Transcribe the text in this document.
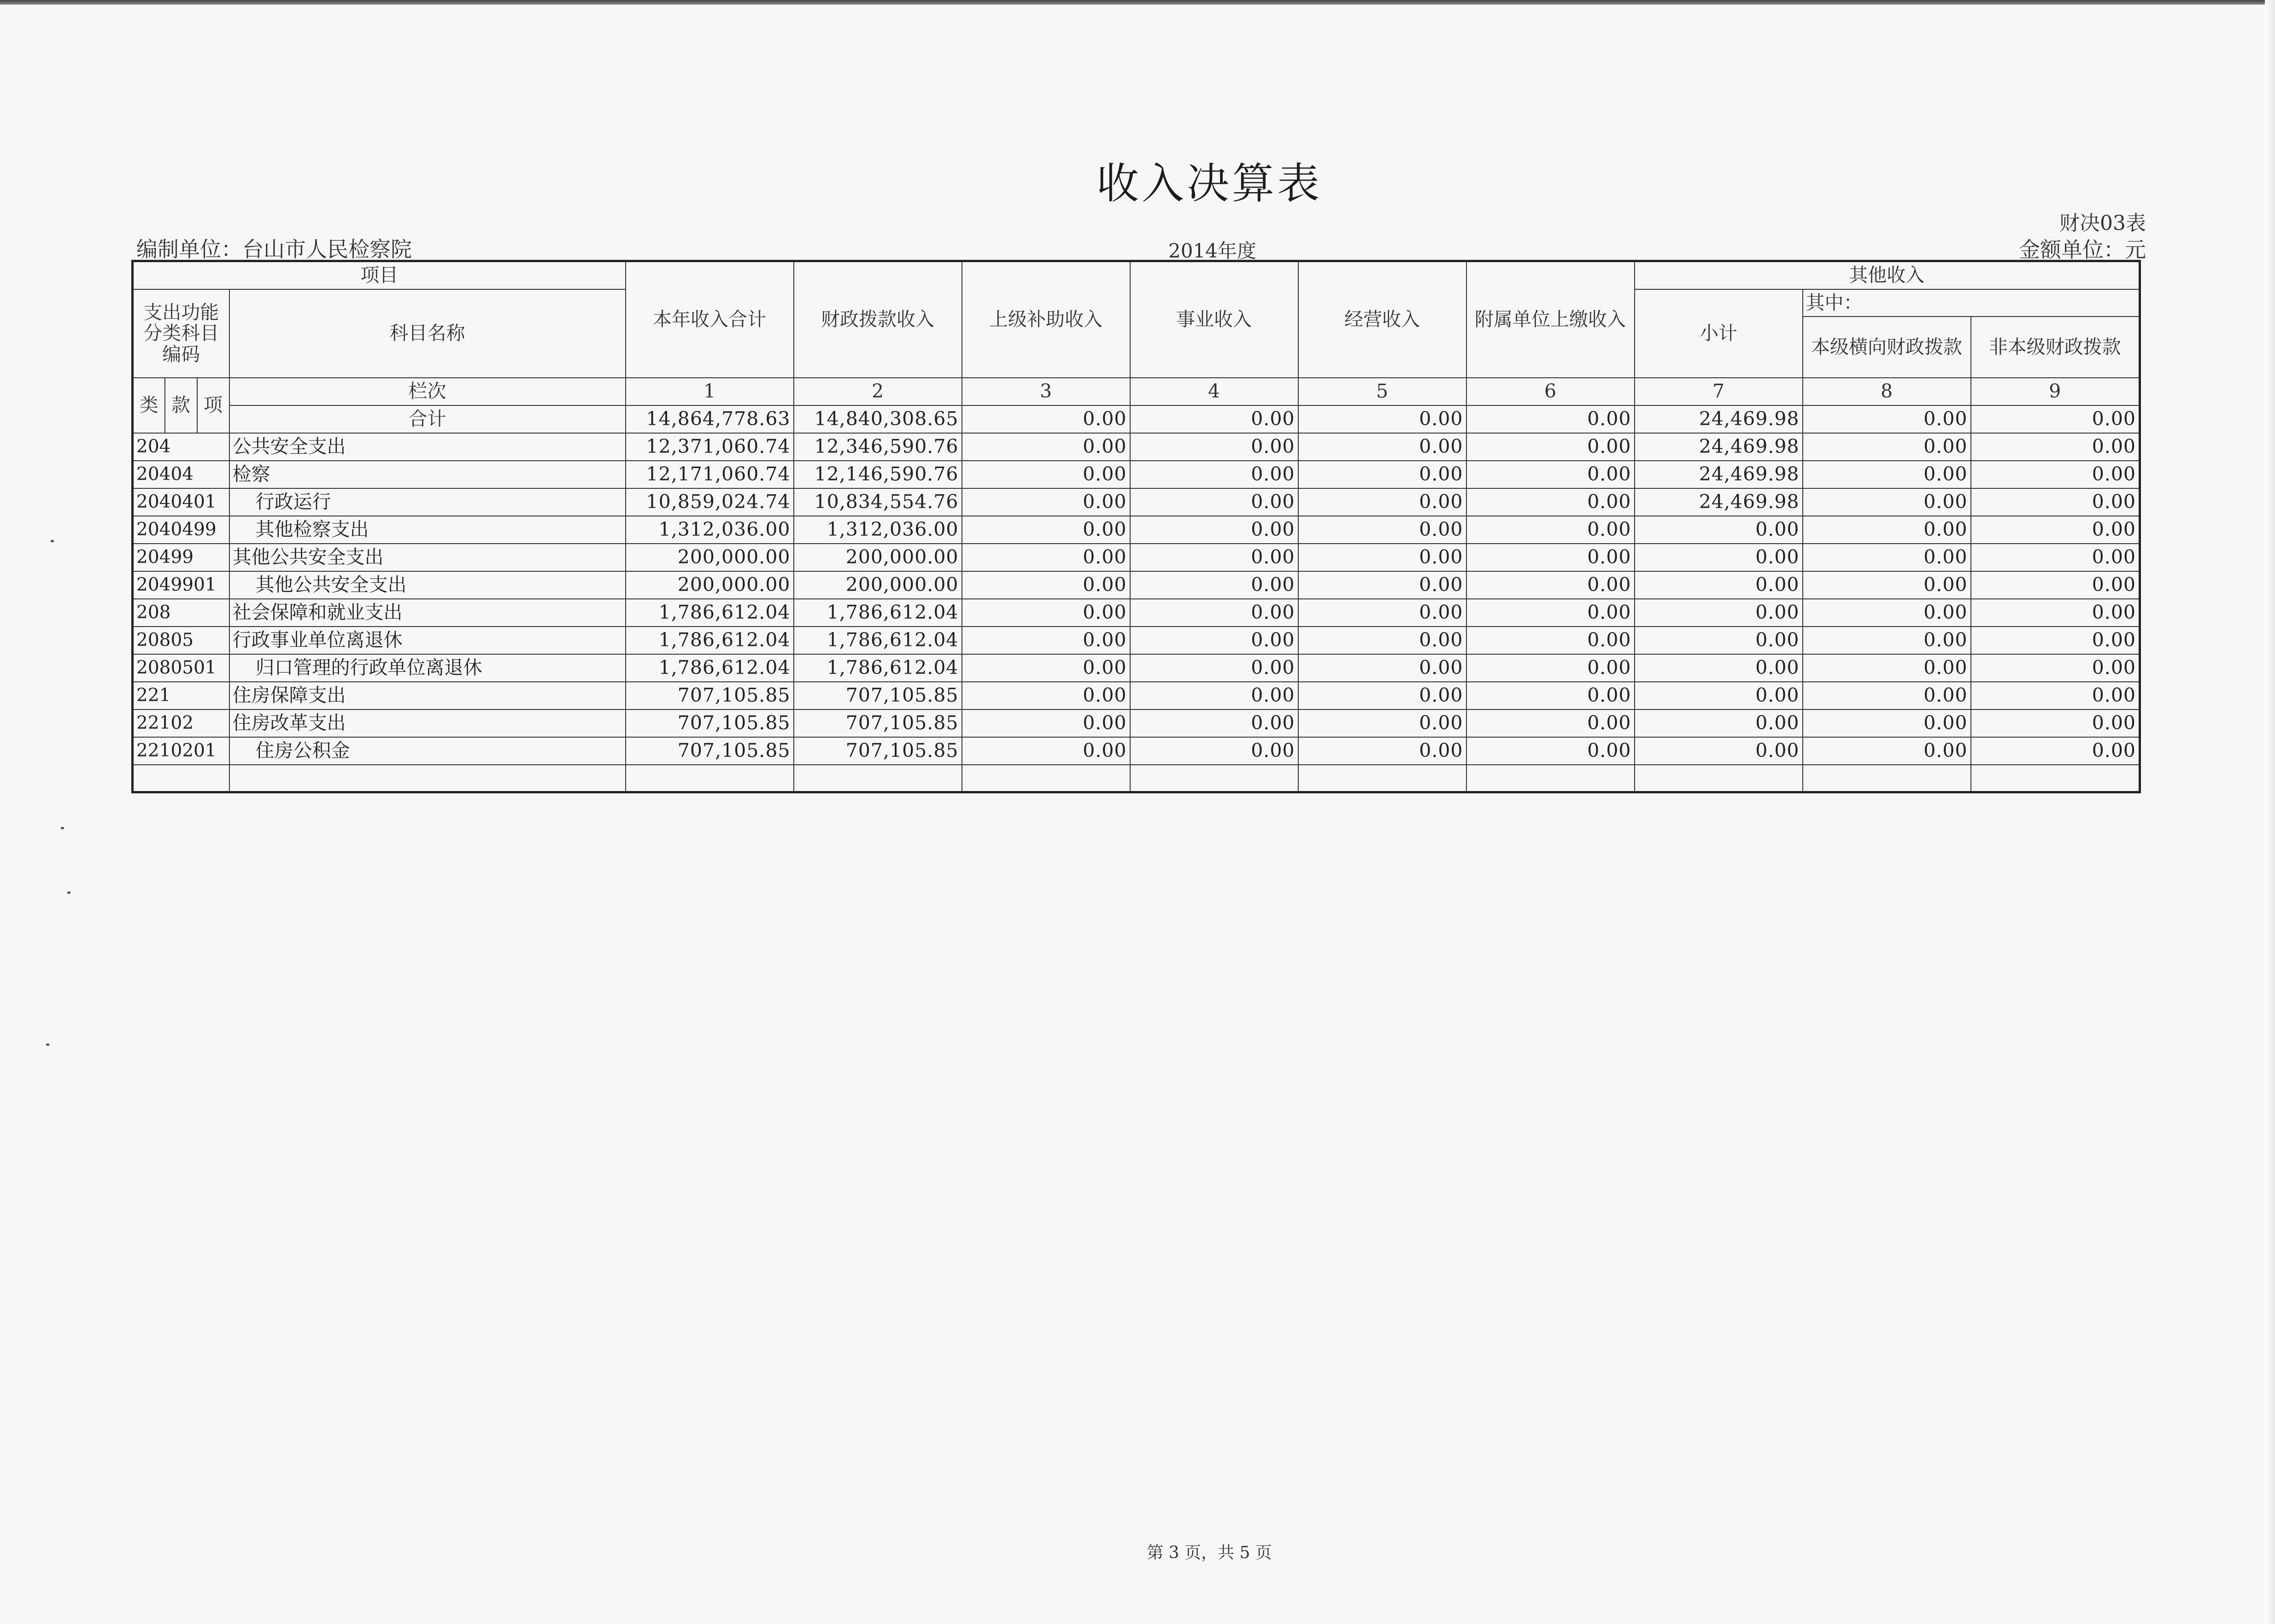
收入决算表
财决03表
编制单位：台山市人民检察院	2014年度	金额单位：元
项目				本年收入合计	财政拨款收入	上级补助收入	事业收入	经营收入	附属单位上缴收入	其他收入		
支出功能分类科目编码			科目名称							小计	其中：	
											本级横向财政拨款	非本级财政拨款
类	款	项	栏次	1	2	3	4	5	6	7	8	9
			合计	14,864,778.63	14,840,308.65	0.00	0.00	0.00	0.00	24,469.98	0.00	0.00
204			公共安全支出	12,371,060.74	12,346,590.76	0.00	0.00	0.00	0.00	24,469.98	0.00	0.00
20404			检察	12,171,060.74	12,146,590.76	0.00	0.00	0.00	0.00	24,469.98	0.00	0.00
2040401			行政运行	10,859,024.74	10,834,554.76	0.00	0.00	0.00	0.00	24,469.98	0.00	0.00
2040499			其他检察支出	1,312,036.00	1,312,036.00	0.00	0.00	0.00	0.00	0.00	0.00	0.00
20499			其他公共安全支出	200,000.00	200,000.00	0.00	0.00	0.00	0.00	0.00	0.00	0.00
2049901			其他公共安全支出	200,000.00	200,000.00	0.00	0.00	0.00	0.00	0.00	0.00	0.00
208			社会保障和就业支出	1,786,612.04	1,786,612.04	0.00	0.00	0.00	0.00	0.00	0.00	0.00
20805			行政事业单位离退休	1,786,612.04	1,786,612.04	0.00	0.00	0.00	0.00	0.00	0.00	0.00
2080501			归口管理的行政单位离退休	1,786,612.04	1,786,612.04	0.00	0.00	0.00	0.00	0.00	0.00	0.00
221			住房保障支出	707,105.85	707,105.85	0.00	0.00	0.00	0.00	0.00	0.00	0.00
22102			住房改革支出	707,105.85	707,105.85	0.00	0.00	0.00	0.00	0.00	0.00	0.00
2210201			住房公积金	707,105.85	707,105.85	0.00	0.00	0.00	0.00	0.00	0.00	0.00

第 3 页，共 5 页
